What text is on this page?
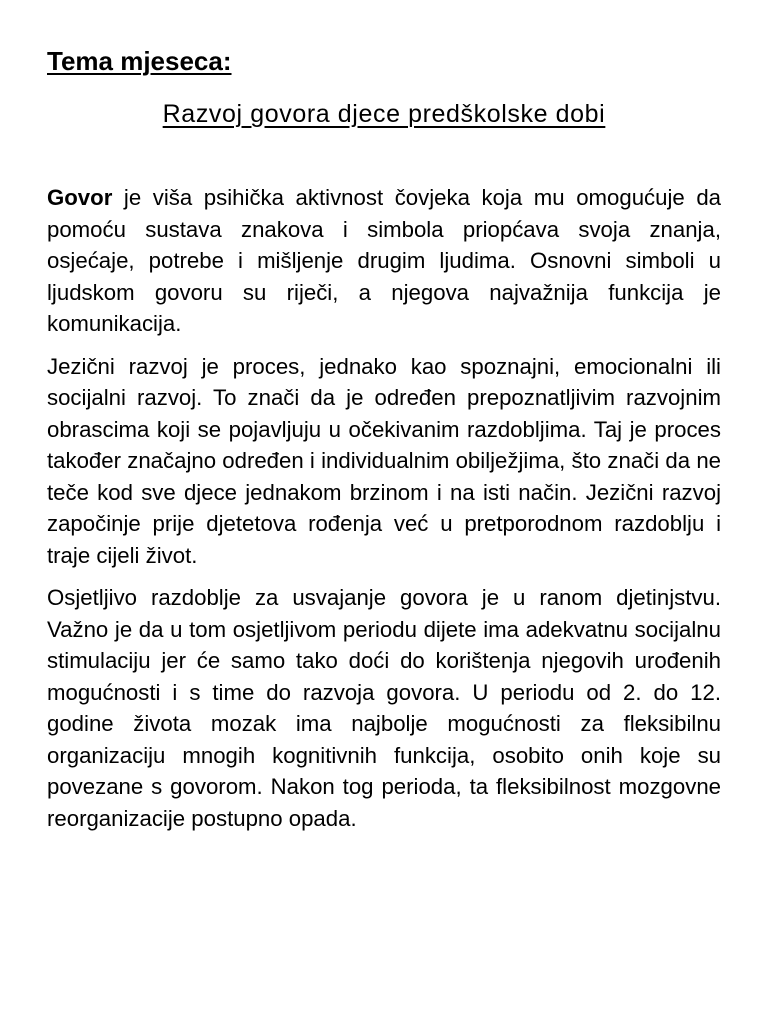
Tema mjeseca:
Razvoj govora djece predškolske dobi

Govor je viša psihička aktivnost čovjeka koja mu omogućuje da pomoću sustava znakova i simbola priopćava svoja znanja, osjećaje, potrebe i mišljenje drugim ljudima. Osnovni simboli u ljudskom govoru su riječi, a njegova najvažnija funkcija je komunikacija.

Jezični razvoj je proces, jednako kao spoznajni, emocionalni ili socijalni razvoj. To znači da je određen prepoznatljivim razvojnim obrascima koji se pojavljuju u očekivanim razdobljima. Taj je proces također značajno određen i individualnim obilježjima, što znači da ne teče kod sve djece jednakom brzinom i na isti način. Jezični razvoj započinje prije djetetova rođenja već u pretporodnom razdoblju i traje cijeli život.

Osjetljivo razdoblje za usvajanje govora je u ranom djetinjstvu. Važno je da u tom osjetljivom periodu dijete ima adekvatnu socijalnu stimulaciju jer će samo tako doći do korištenja njegovih urođenih mogućnosti i s time do razvoja govora. U periodu od 2. do 12. godine života mozak ima najbolje mogućnosti za fleksibilnu organizaciju mnogih kognitivnih funkcija, osobito onih koje su povezane s govorom. Nakon tog perioda, ta fleksibilnost mozgovne reorganizacije postupno opada.
